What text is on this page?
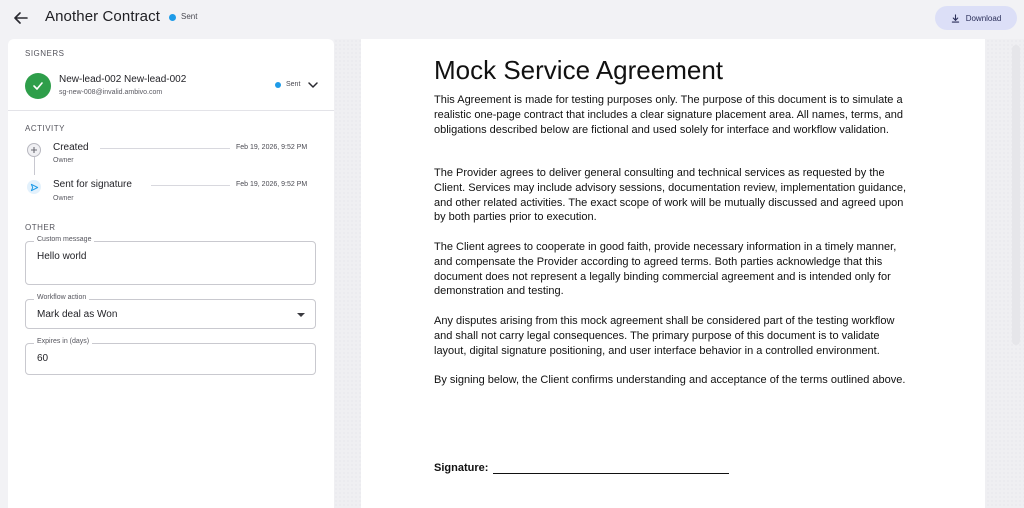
Another Contract	Sent	Download
SIGNERS
New-lead-002 New-lead-002
sg-new-008@invalid.ambivo.com
Sent
ACTIVITY
Created
Owner
Feb 19, 2026, 9:52 PM
Sent for signature
Owner
Feb 19, 2026, 9:52 PM
OTHER
Custom message
Hello world
Workflow action
Mark deal as Won
Expires in (days)
60
Mock Service Agreement
This Agreement is made for testing purposes only. The purpose of this document is to simulate a realistic one-page contract that includes a clear signature placement area. All names, terms, and obligations described below are fictional and used solely for interface and workflow validation.
The Provider agrees to deliver general consulting and technical services as requested by the Client. Services may include advisory sessions, documentation review, implementation guidance, and other related activities. The exact scope of work will be mutually discussed and agreed upon by both parties prior to execution.
The Client agrees to cooperate in good faith, provide necessary information in a timely manner, and compensate the Provider according to agreed terms. Both parties acknowledge that this document does not represent a legally binding commercial agreement and is intended only for demonstration and testing.
Any disputes arising from this mock agreement shall be considered part of the testing workflow and shall not carry legal consequences. The primary purpose of this document is to validate layout, digital signature positioning, and user interface behavior in a controlled environment.
By signing below, the Client confirms understanding and acceptance of the terms outlined above.
Signature:
